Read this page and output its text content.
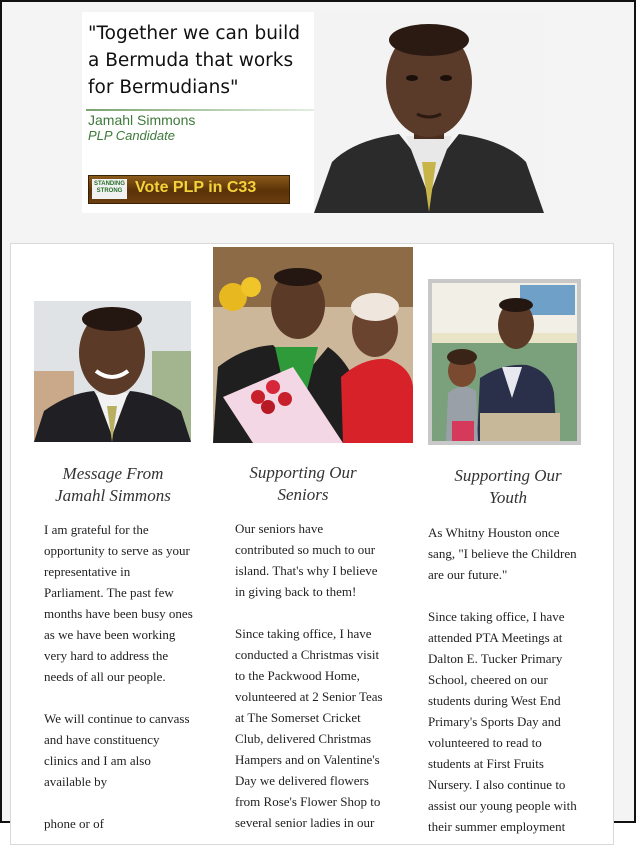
"Together we can build
a Bermuda that works
for Bermudians"
Jamahl Simmons
PLP Candidate
STANDING
STRONG Vote PLP in C33
Message From
Jamahl Simmons
I am grateful for the
opportunity to serve as your
representative in
Parliament. The past few
months have been busy ones
as we have been working
very hard to address the
needs of all our people.
We will continue to canvass
and have constituency
clinics and I am also
available by
phone or of
Supporting Our
Seniors
Our seniors have
contributed so much to our
island. That's why I believe
in giving back to them!
Since taking office, I have
conducted a Christmas visit
to the Packwood Home,
volunteered at 2 Senior Teas
at The Somerset Cricket
Club, delivered Christmas
Hampers and on Valentine's
Day we delivered flowers
from Rose's Flower Shop to
several senior ladies in our
Supporting Our
Youth
As Whitny Houston once
sang, "I believe the Children
are our future."
Since taking office, I have
attended PTA Meetings at
Dalton E. Tucker Primary
School, cheered on our
students during West End
Primary's Sports Day and
volunteered to read to
students at First Fruits
Nursery. I also continue to
assist our young people with
their summer employment
